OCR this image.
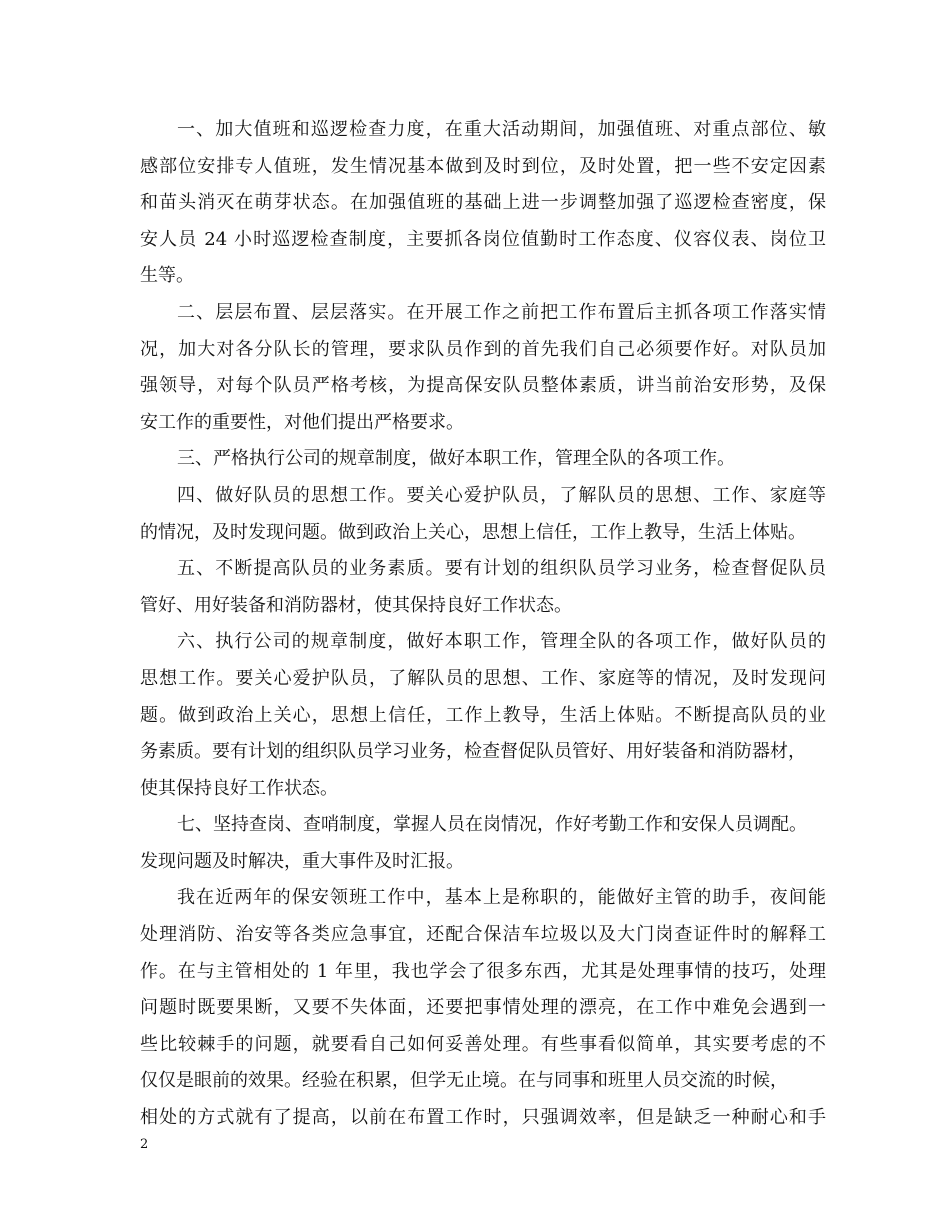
一、加大值班和巡逻检查力度，在重大活动期间，加强值班、对重点部位、敏
感部位安排专人值班，发生情况基本做到及时到位，及时处置，把一些不安定因素
和苗头消灭在萌芽状态。在加强值班的基础上进一步调整加强了巡逻检查密度，保
安人员 24 小时巡逻检查制度，主要抓各岗位值勤时工作态度、仪容仪表、岗位卫
生等。
二、层层布置、层层落实。在开展工作之前把工作布置后主抓各项工作落实情
况，加大对各分队长的管理，要求队员作到的首先我们自己必须要作好。对队员加
强领导，对每个队员严格考核，为提高保安队员整体素质，讲当前治安形势，及保
安工作的重要性，对他们提出严格要求。
三、严格执行公司的规章制度，做好本职工作，管理全队的各项工作。
四、做好队员的思想工作。要关心爱护队员，了解队员的思想、工作、家庭等
的情况，及时发现问题。做到政治上关心，思想上信任，工作上教导，生活上体贴。
五、不断提高队员的业务素质。要有计划的组织队员学习业务，检查督促队员
管好、用好装备和消防器材，使其保持良好工作状态。
六、执行公司的规章制度，做好本职工作，管理全队的各项工作，做好队员的
思想工作。要关心爱护队员，了解队员的思想、工作、家庭等的情况，及时发现问
题。做到政治上关心，思想上信任，工作上教导，生活上体贴。不断提高队员的业
务素质。要有计划的组织队员学习业务，检查督促队员管好、用好装备和消防器材，
使其保持良好工作状态。
七、坚持查岗、查哨制度，掌握人员在岗情况，作好考勤工作和安保人员调配。
发现问题及时解决，重大事件及时汇报。
我在近两年的保安领班工作中，基本上是称职的，能做好主管的助手，夜间能
处理消防、治安等各类应急事宜，还配合保洁车垃圾以及大门岗查证件时的解释工
作。在与主管相处的 1 年里，我也学会了很多东西，尤其是处理事情的技巧，处理
问题时既要果断，又要不失体面，还要把事情处理的漂亮，在工作中难免会遇到一
些比较棘手的问题，就要看自己如何妥善处理。有些事看似简单，其实要考虑的不
仅仅是眼前的效果。经验在积累，但学无止境。在与同事和班里人员交流的时候，
相处的方式就有了提高，以前在布置工作时，只强调效率，但是缺乏一种耐心和手
2
